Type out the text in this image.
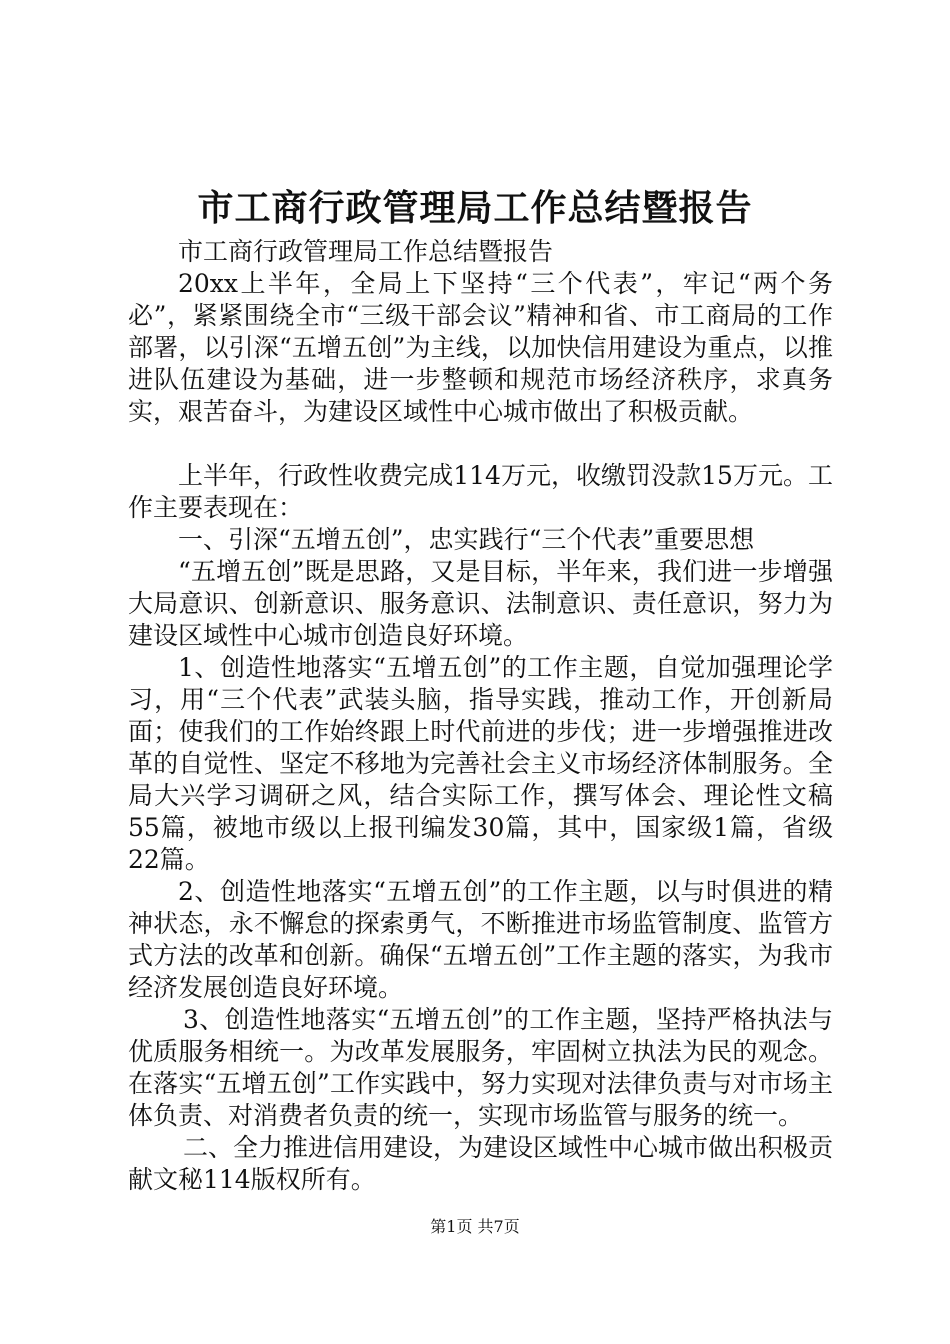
市工商行政管理局工作总结暨报告

市工商行政管理局工作总结暨报告

20xx上半年，全局上下坚持“三个代表”，牢记“两个务必”，紧紧围绕全市“三级干部会议”精神和省、市工商局的工作部署，以引深“五增五创”为主线，以加快信用建设为重点，以推进队伍建设为基础，进一步整顿和规范市场经济秩序，求真务实，艰苦奋斗，为建设区域性中心城市做出了积极贡献。

上半年，行政性收费完成114万元，收缴罚没款15万元。工作主要表现在：

一、引深“五增五创”，忠实践行“三个代表”重要思想

“五增五创”既是思路，又是目标，半年来，我们进一步增强大局意识、创新意识、服务意识、法制意识、责任意识，努力为建设区域性中心城市创造良好环境。

1、创造性地落实“五增五创”的工作主题，自觉加强理论学习，用“三个代表”武装头脑，指导实践，推动工作，开创新局面；使我们的工作始终跟上时代前进的步伐；进一步增强推进改革的自觉性、坚定不移地为完善社会主义市场经济体制服务。全局大兴学习调研之风，结合实际工作，撰写体会、理论性文稿55篇，被地市级以上报刊编发30篇，其中，国家级1篇，省级22篇。

2、创造性地落实“五增五创”的工作主题，以与时俱进的精神状态，永不懈怠的探索勇气，不断推进市场监管制度、监管方式方法的改革和创新。确保“五增五创”工作主题的落实，为我市经济发展创造良好环境。

3、创造性地落实“五增五创”的工作主题，坚持严格执法与优质服务相统一。为改革发展服务，牢固树立执法为民的观念。在落实“五增五创”工作实践中，努力实现对法律负责与对市场主体负责、对消费者负责的统一，实现市场监管与服务的统一。

二、全力推进信用建设，为建设区域性中心城市做出积极贡献文秘114版权所有。

第1页 共7页
